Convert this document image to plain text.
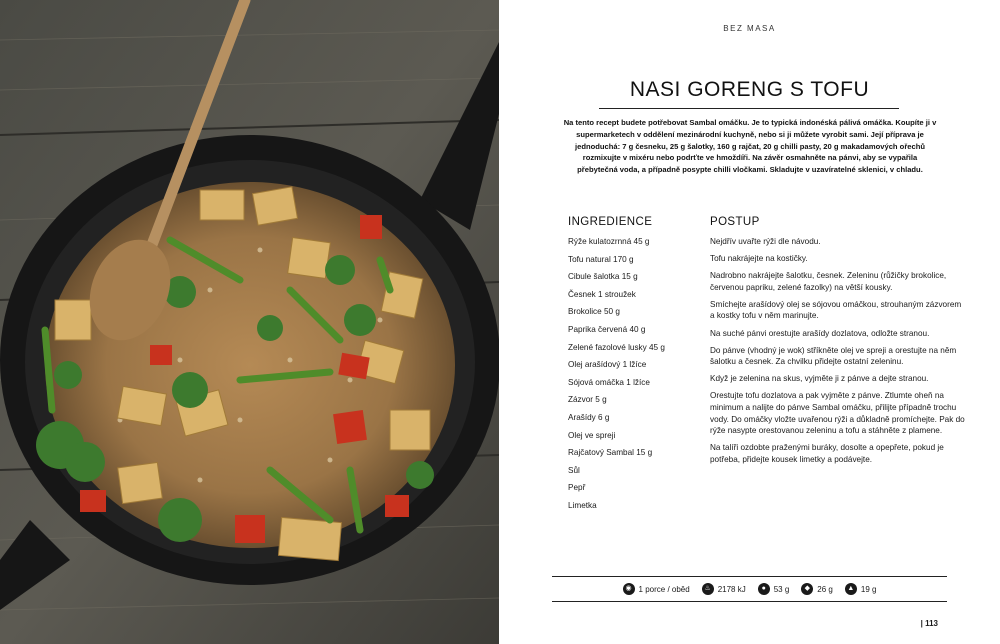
BEZ MASA
NASI GORENG S TOFU

Na tento recept budete potřebovat Sambal omáčku. Je to typická indonéská pálivá omáčka. Koupíte ji v supermarketech v oddělení mezinárodní kuchyně, nebo si ji můžete vyrobit sami. Její příprava je jednoduchá: 7 g česneku, 25 g šalotky, 160 g rajčat, 20 g chilli pasty, 20 g makadamových ořechů rozmixujte v mixéru nebo podrťte ve hmoždíři. Na závěr osmahněte na pánvi, aby se vypařila přebytečná voda, a případně posypte chilli vločkami. Skladujte v uzavíratelné sklenici, v chladu.

INGREDIENCE
Rýže kulatozrnná 45 g
Tofu natural 170 g
Cibule šalotka 15 g
Česnek 1 stroužek
Brokolice 50 g
Paprika červená 40 g
Zelené fazolové lusky 45 g
Olej arašídový 1 lžíce
Sójová omáčka 1 lžíce
Zázvor 5 g
Arašídy 6 g
Olej ve spreji
Rajčatový Sambal 15 g
Sůl
Pepř
Limetka
POSTUP
Nejdřív uvařte rýži dle návodu.
Tofu nakrájejte na kostičky.
Nadrobno nakrájejte šalotku, česnek. Zeleninu (růžičky brokolice, červenou papriku, zelené fazolky) na větší kousky.
Smíchejte arašídový olej se sójovou omáčkou, strouhaným zázvorem a kostky tofu v něm marinujte.
Na suché pánvi orestujte arašídy dozlatova, odložte stranou.
Do pánve (vhodný je wok) stříkněte olej ve spreji a orestujte na něm šalotku a česnek. Za chvilku přidejte ostatní zeleninu.
Když je zelenina na skus, vyjměte ji z pánve a dejte stranou.
Orestujte tofu dozlatova a pak vyjměte z pánve. Ztlumte oheň na minimum a nalijte do pánve Sambal omáčku, přilijte případně trochu vody. Do omáčky vložte uvařenou rýži a důkladně promíchejte. Pak do rýže nasypte orestovanou zeleninu a tofu a stáhněte z plamene.
Na talíři ozdobte praženými buráky, dosolte a opepřete, pokud je potřeba, přidejte kousek limetky a podávejte.
◉ 1 porce / oběd	♨ 2178 kJ	● 53 g	◆ 26 g	▲ 19 g
| 113
